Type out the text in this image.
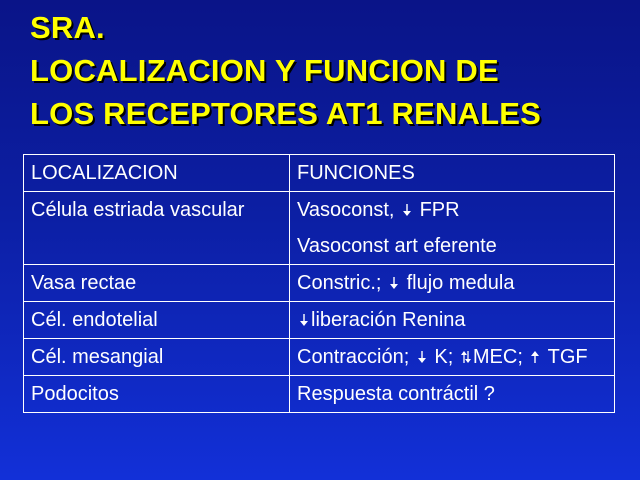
SRA.
LOCALIZACION Y FUNCION DE
LOS RECEPTORES AT1 RENALES
LOCALIZACION	FUNCIONES

Célula estriada vascular	Vasoconst, FPR
Vasoconst art eferente

Vasa rectae	Constric.; flujo medula

Cél. endotelial	liberación Renina

Cél. mesangial	Contracción; K; MEC; TGF

Podocitos	Respuesta contráctil ?
